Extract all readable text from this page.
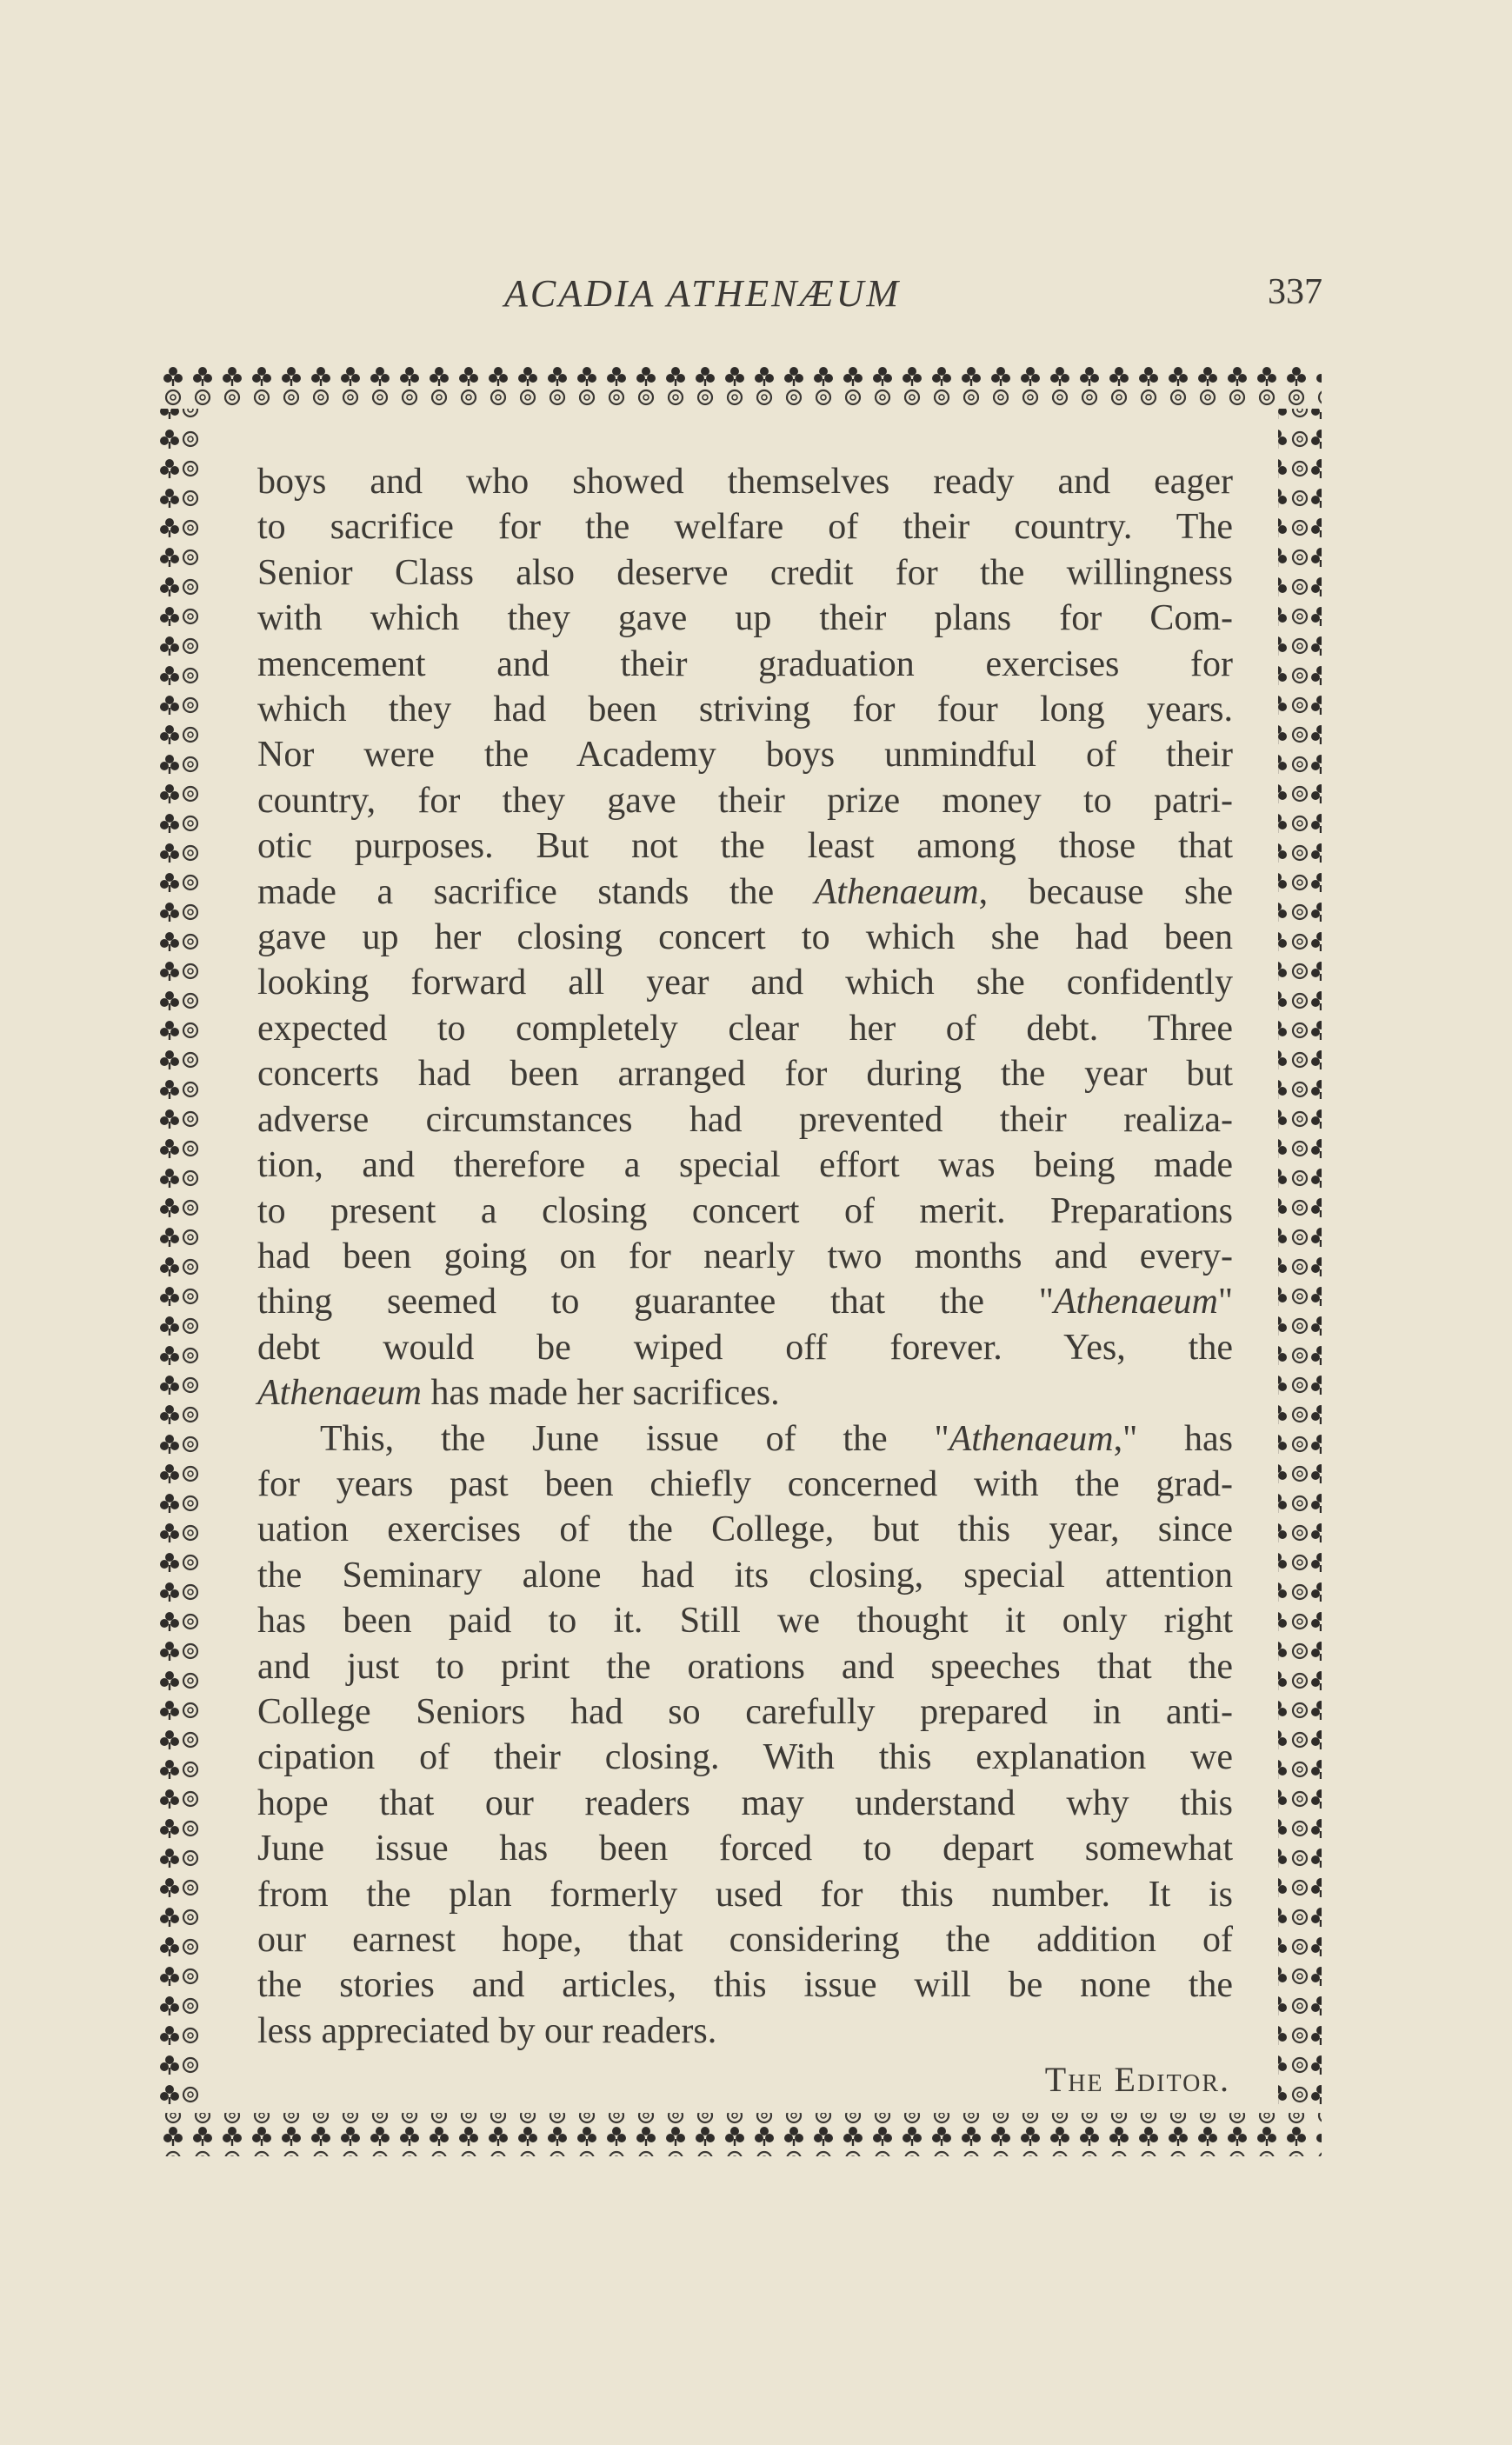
ACADIA ATHENÆUM	337

boys and who showed themselves ready and eager

to sacrifice for the welfare of their country. The

Senior Class also deserve credit for the willingness

with which they gave up their plans for Com-

mencement and their graduation exercises for

which they had been striving for four long years.

Nor were the Academy boys unmindful of their

country, for they gave their prize money to patri-

otic purposes. But not the least among those that

made a sacrifice stands the Athenaeum, because she

gave up her closing concert to which she had been

looking forward all year and which she confidently

expected to completely clear her of debt. Three

concerts had been arranged for during the year but

adverse circumstances had prevented their realiza-

tion, and therefore a special effort was being made

to present a closing concert of merit. Preparations

had been going on for nearly two months and every-

thing seemed to guarantee that the "Athenaeum"

debt would be wiped off forever. Yes, the

Athenaeum has made her sacrifices.

This, the June issue of the "Athenaeum," has

for years past been chiefly concerned with the grad-

uation exercises of the College, but this year, since

the Seminary alone had its closing, special attention

has been paid to it. Still we thought it only right

and just to print the orations and speeches that the

College Seniors had so carefully prepared in anti-

cipation of their closing. With this explanation we

hope that our readers may understand why this

June issue has been forced to depart somewhat

from the plan formerly used for this number. It is

our earnest hope, that considering the addition of

the stories and articles, this issue will be none the

less appreciated by our readers.

The Editor.
